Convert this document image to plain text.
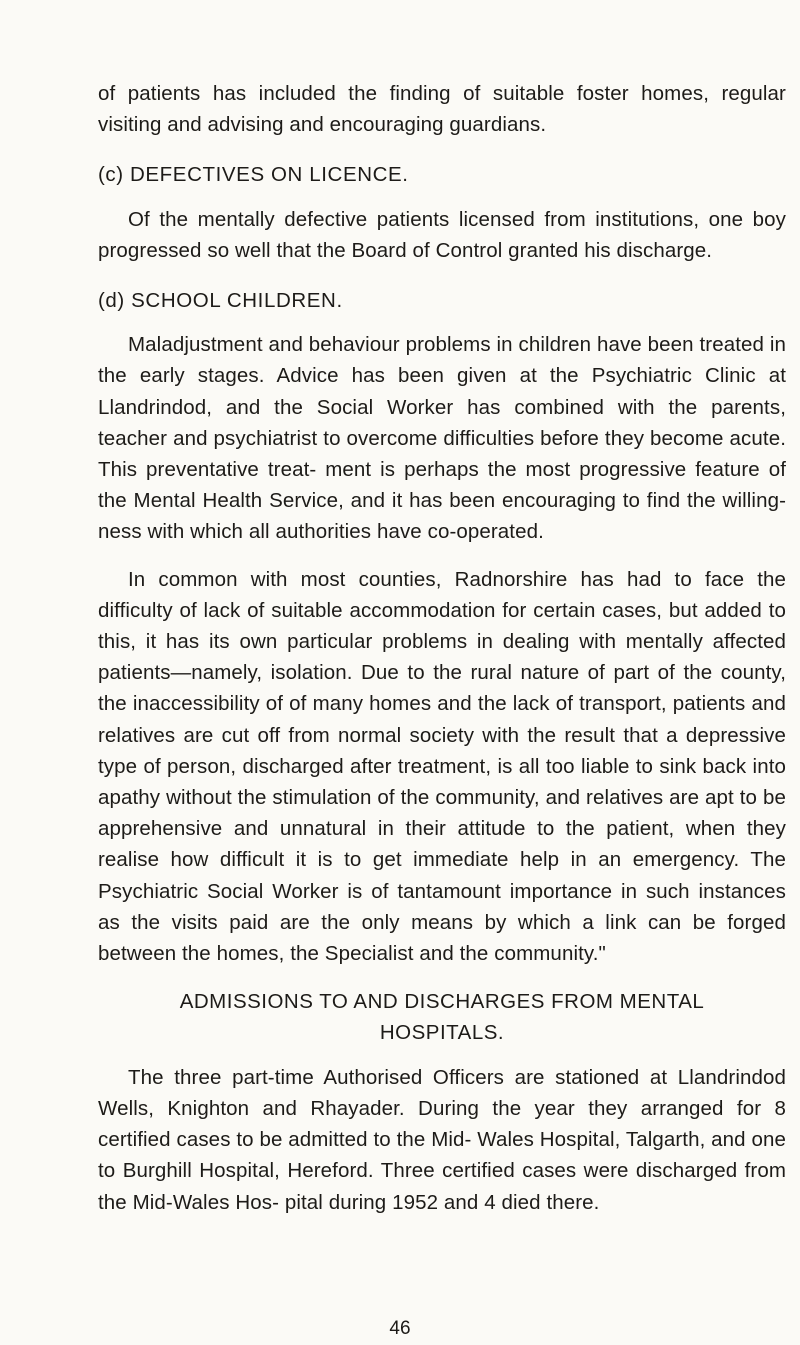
of patients has included the finding of suitable foster homes, regular visiting and advising and encouraging guardians.

(c) DEFECTIVES ON LICENCE.

Of the mentally defective patients licensed from institutions, one boy progressed so well that the Board of Control granted his discharge.

(d) SCHOOL CHILDREN.

Maladjustment and behaviour problems in children have been treated in the early stages. Advice has been given at the Psychiatric Clinic at Llandrindod, and the Social Worker has combined with the parents, teacher and psychiatrist to overcome difficulties before they become acute. This preventative treat- ment is perhaps the most progressive feature of the Mental Health Service, and it has been encouraging to find the willing- ness with which all authorities have co-operated.

In common with most counties, Radnorshire has had to face the difficulty of lack of suitable accommodation for certain cases, but added to this, it has its own particular problems in dealing with mentally affected patients—namely, isolation. Due to the rural nature of part of the county, the inaccessibility of of many homes and the lack of transport, patients and relatives are cut off from normal society with the result that a depressive type of person, discharged after treatment, is all too liable to sink back into apathy without the stimulation of the community, and relatives are apt to be apprehensive and unnatural in their attitude to the patient, when they realise how difficult it is to get immediate help in an emergency. The Psychiatric Social Worker is of tantamount importance in such instances as the visits paid are the only means by which a link can be forged between the homes, the Specialist and the community."

ADMISSIONS TO AND DISCHARGES FROM MENTAL
HOSPITALS.

The three part-time Authorised Officers are stationed at Llandrindod Wells, Knighton and Rhayader. During the year they arranged for 8 certified cases to be admitted to the Mid- Wales Hospital, Talgarth, and one to Burghill Hospital, Hereford. Three certified cases were discharged from the Mid-Wales Hos- pital during 1952 and 4 died there.

46
